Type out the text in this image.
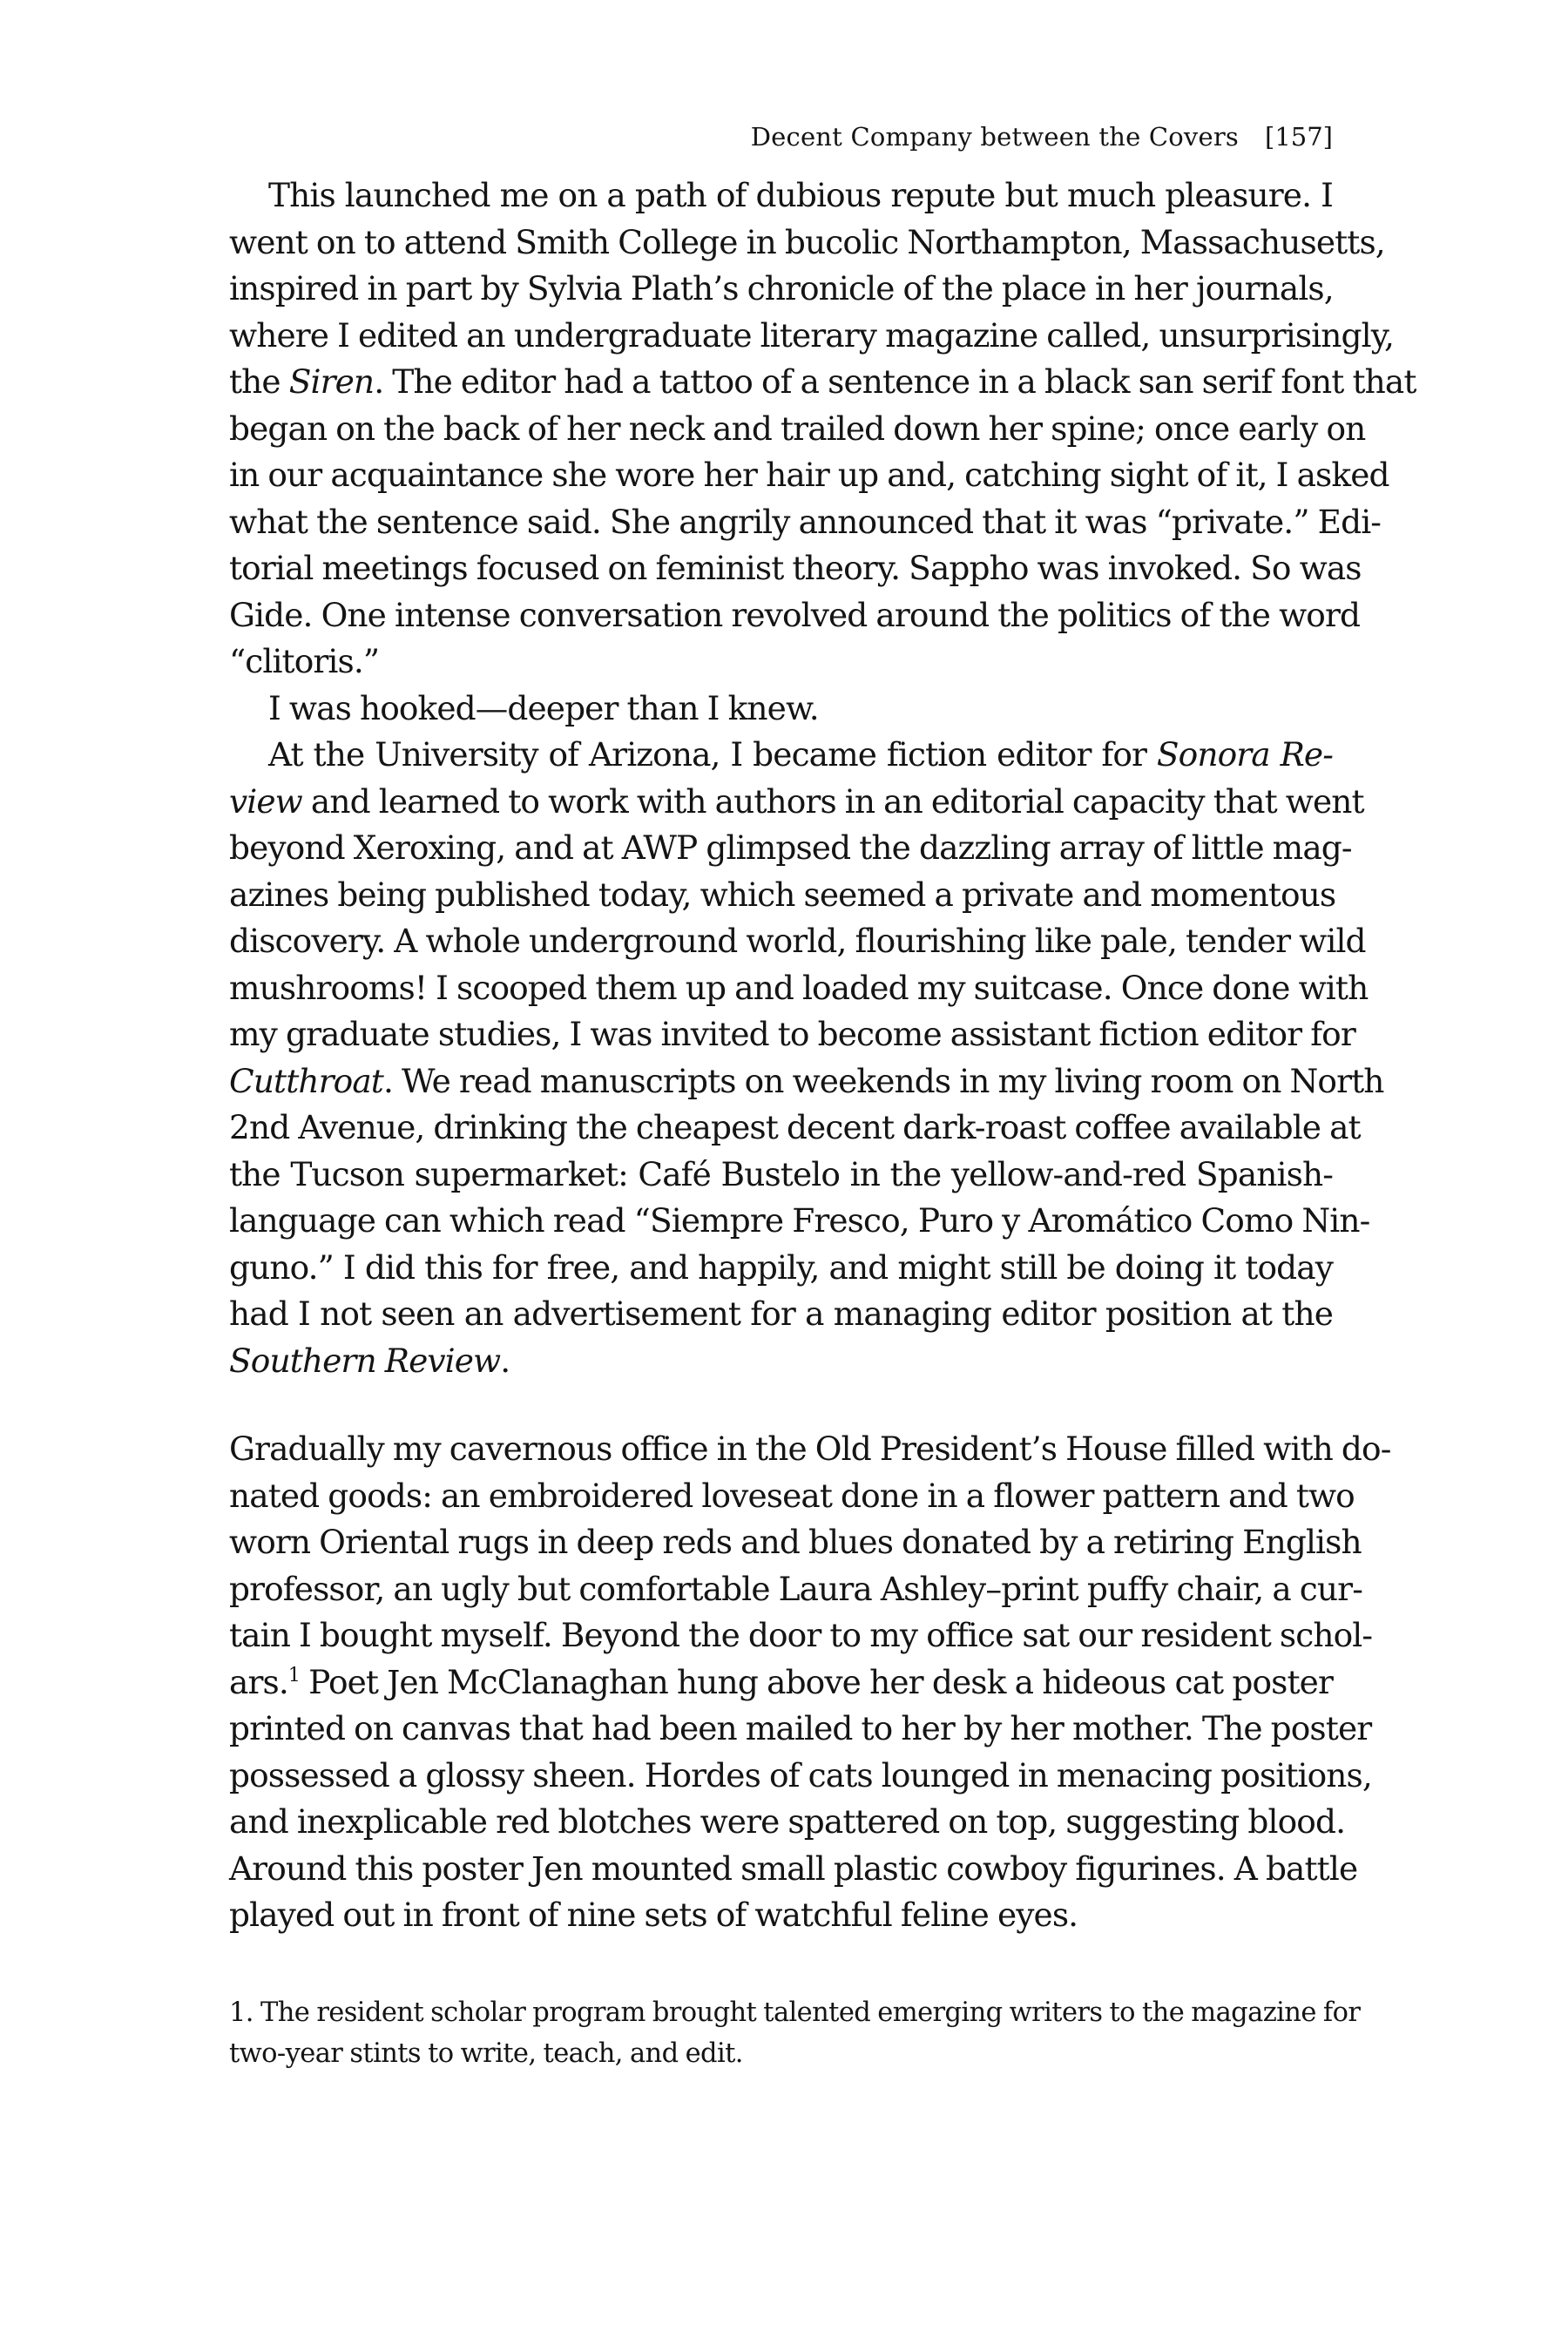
Decent Company between the Covers [157]
This launched me on a path of dubious repute but much pleasure. I
went on to attend Smith College in bucolic Northampton, Massachusetts,
inspired in part by Sylvia Plath’s chronicle of the place in her journals,
where I edited an undergraduate literary magazine called, unsurprisingly,
the Siren. The editor had a tattoo of a sentence in a black san serif font that
began on the back of her neck and trailed down her spine; once early on
in our acquaintance she wore her hair up and, catching sight of it, I asked
what the sentence said. She angrily announced that it was “private.” Edi-
torial meetings focused on feminist theory. Sappho was invoked. So was
Gide. One intense conversation revolved around the politics of the word
“clitoris.”
I was hooked—deeper than I knew.
At the University of Arizona, I became fiction editor for Sonora Re-
view and learned to work with authors in an editorial capacity that went
beyond Xeroxing, and at AWP glimpsed the dazzling array of little mag-
azines being published today, which seemed a private and momentous
discovery. A whole underground world, flourishing like pale, tender wild
mushrooms! I scooped them up and loaded my suitcase. Once done with
my graduate studies, I was invited to become assistant fiction editor for
Cutthroat. We read manuscripts on weekends in my living room on North
2nd Avenue, drinking the cheapest decent dark-roast coffee available at
the Tucson supermarket: Café Bustelo in the yellow-and-red Spanish-
language can which read “Siempre Fresco, Puro y Aromático Como Nin-
guno.” I did this for free, and happily, and might still be doing it today
had I not seen an advertisement for a managing editor position at the
Southern Review.
Gradually my cavernous office in the Old President’s House filled with do-
nated goods: an embroidered loveseat done in a flower pattern and two
worn Oriental rugs in deep reds and blues donated by a retiring English
professor, an ugly but comfortable Laura Ashley–print puffy chair, a cur-
tain I bought myself. Beyond the door to my office sat our resident schol-
ars.$^1$ Poet Jen McClanaghan hung above her desk a hideous cat poster
printed on canvas that had been mailed to her by her mother. The poster
possessed a glossy sheen. Hordes of cats lounged in menacing positions,
and inexplicable red blotches were spattered on top, suggesting blood.
Around this poster Jen mounted small plastic cowboy figurines. A battle
played out in front of nine sets of watchful feline eyes.
1. The resident scholar program brought talented emerging writers to the magazine for
two-year stints to write, teach, and edit.
